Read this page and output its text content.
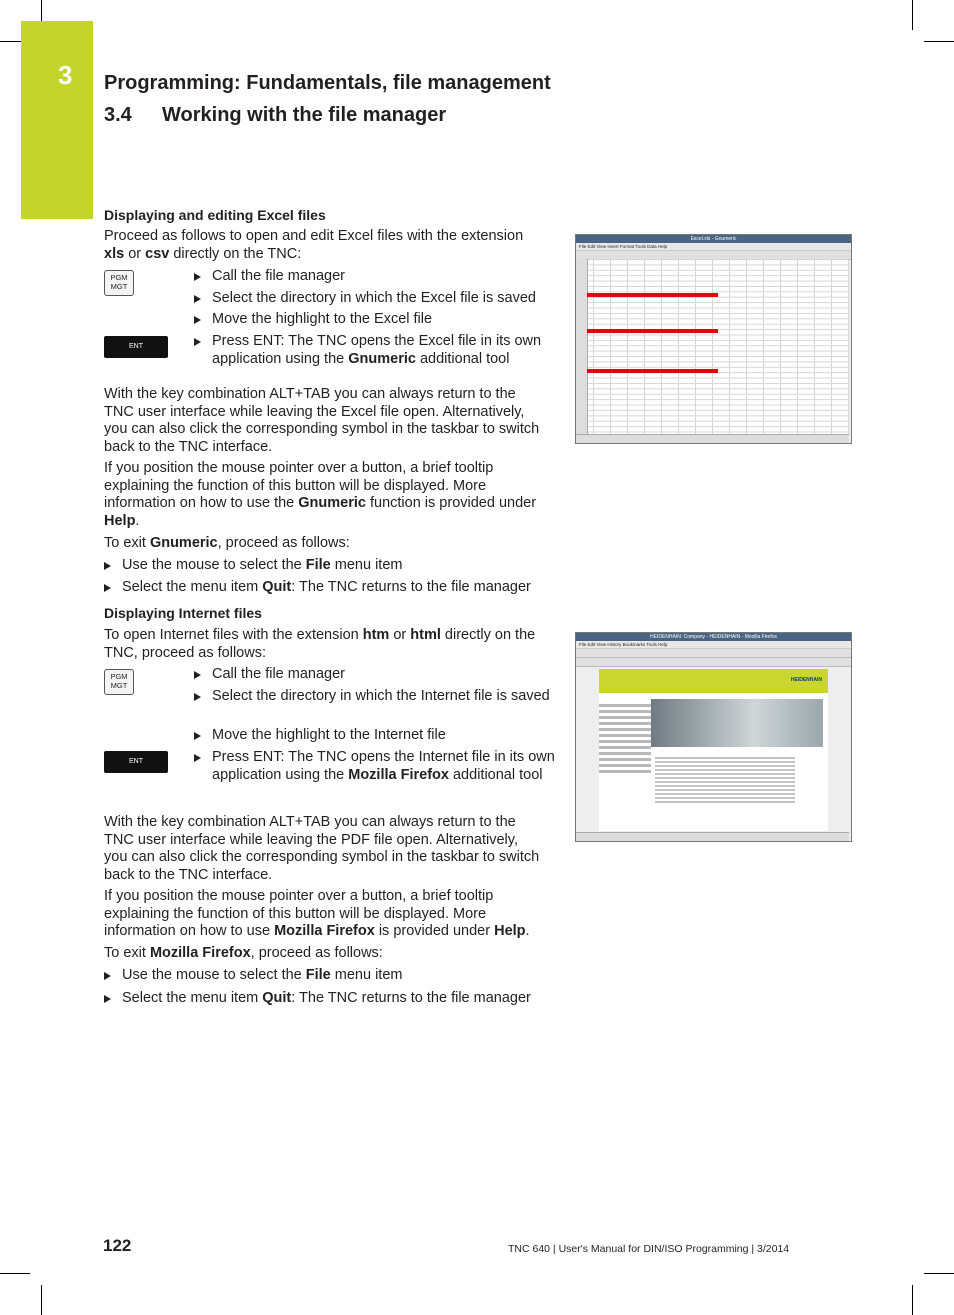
3 Programming: Fundamentals, file management
3.4 Working with the file manager
Displaying and editing Excel files
Proceed as follows to open and edit Excel files with the extension xls or csv directly on the TNC:
PGM MGT
Call the file manager
Select the directory in which the Excel file is saved
Move the highlight to the Excel file
ENT	Press ENT: The TNC opens the Excel file in its own application using the Gnumeric additional tool
With the key combination ALT+TAB you can always return to the TNC user interface while leaving the Excel file open. Alternatively, you can also click the corresponding symbol in the taskbar to switch back to the TNC interface.
If you position the mouse pointer over a button, a brief tooltip explaining the function of this button will be displayed. More information on how to use the Gnumeric function is provided under Help.
To exit Gnumeric, proceed as follows:
Use the mouse to select the File menu item
Select the menu item Quit: The TNC returns to the file manager
Excel.xls - Gnumeric
File Edit View Insert Format Tools Data Help
Displaying Internet files
To open Internet files with the extension htm or html directly on the TNC, proceed as follows:
PGM MGT
Call the file manager
Select the directory in which the Internet file is saved
Move the highlight to the Internet file
ENT	Press ENT: The TNC opens the Internet file in its own application using the Mozilla Firefox additional tool
With the key combination ALT+TAB you can always return to the TNC user interface while leaving the PDF file open. Alternatively, you can also click the corresponding symbol in the taskbar to switch back to the TNC interface.
If you position the mouse pointer over a button, a brief tooltip explaining the function of this button will be displayed. More information on how to use Mozilla Firefox is provided under Help.
To exit Mozilla Firefox, proceed as follows:
Use the mouse to select the File menu item
Select the menu item Quit: The TNC returns to the file manager
HEIDENHAIN: Company - HEIDENHAIN - Mozilla Firefox
File Edit View History Bookmarks Tools Help
HEIDENHAIN
122	TNC 640 | User's Manual for DIN/ISO Programming | 3/2014
